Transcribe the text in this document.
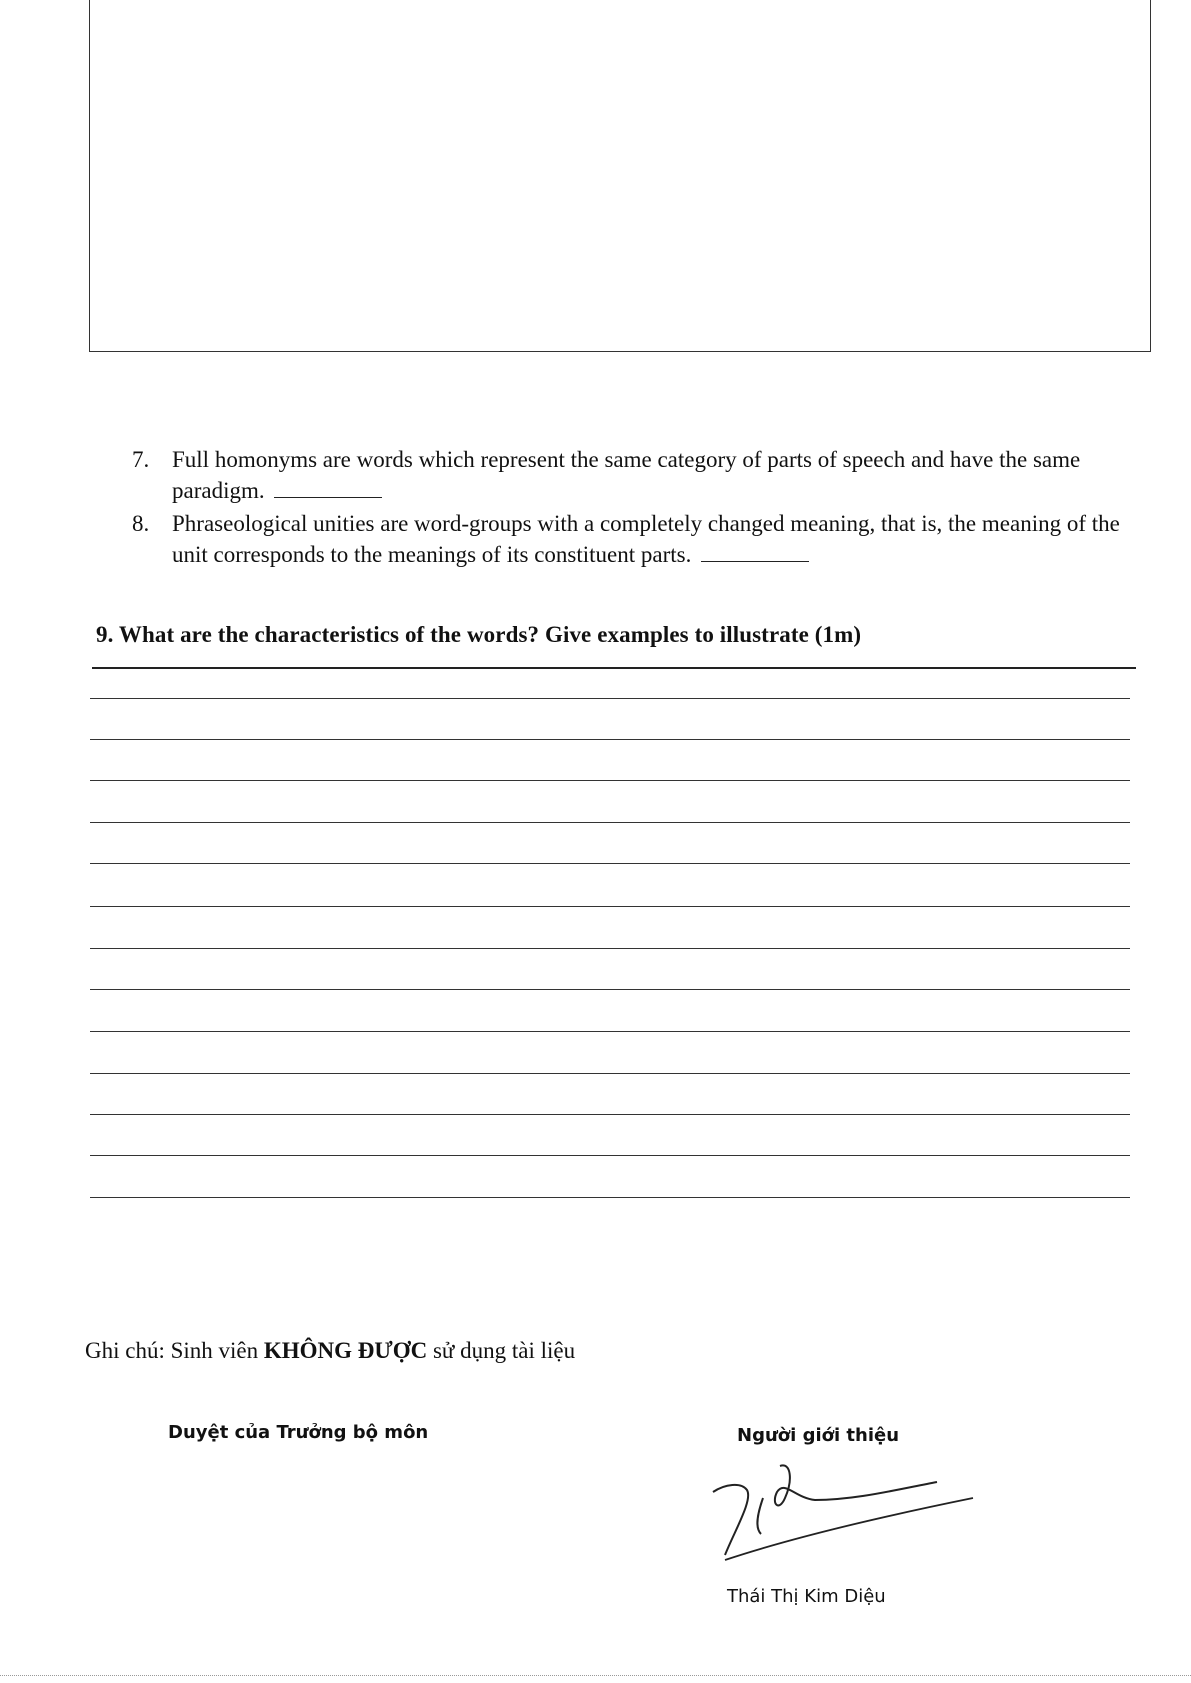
7. Full homonyms are words which represent the same category of parts of speech and have the same paradigm.
8. Phraseological unities are word-groups with a completely changed meaning, that is, the meaning of the unit corresponds to the meanings of its constituent parts.
9. What are the characteristics of the words? Give examples to illustrate (1m)
Ghi chú: Sinh viên KHÔNG ĐƯỢC sử dụng tài liệu
Duyệt của Trưởng bộ môn	Người giới thiệu
Thái Thị Kim Diệu
